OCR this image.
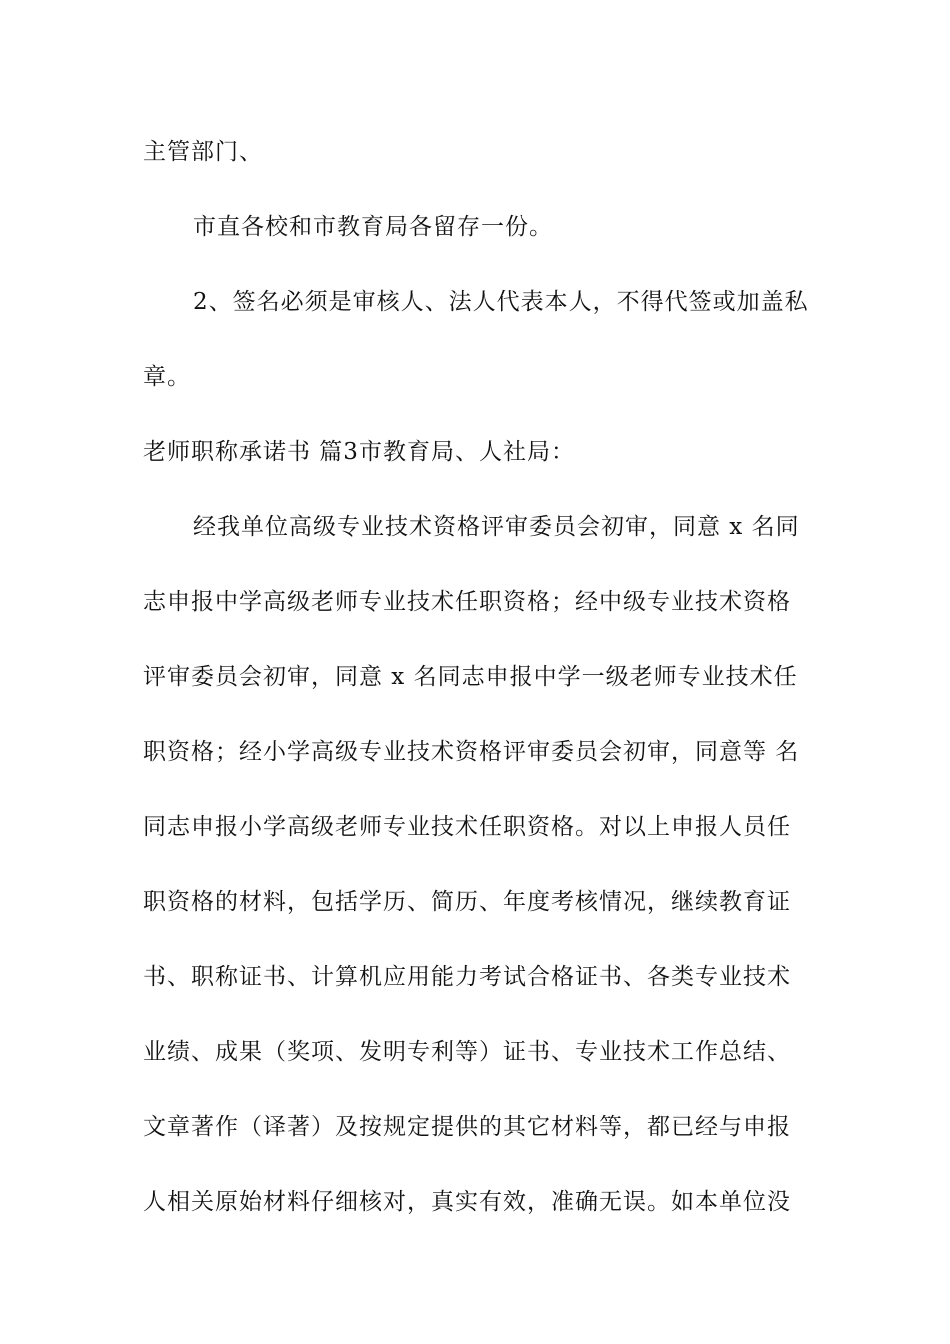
主管部门、
市直各校和市教育局各留存一份。
2、签名必须是审核人、法人代表本人，不得代签或加盖私
章。
老师职称承诺书 篇3市教育局、人社局：
经我单位高级专业技术资格评审委员会初审，同意 x 名同
志申报中学高级老师专业技术任职资格；经中级专业技术资格
评审委员会初审，同意 x 名同志申报中学一级老师专业技术任
职资格；经小学高级专业技术资格评审委员会初审，同意等 名
同志申报小学高级老师专业技术任职资格。对以上申报人员任
职资格的材料，包括学历、简历、年度考核情况，继续教育证
书、职称证书、计算机应用能力考试合格证书、各类专业技术
业绩、成果（奖项、发明专利等）证书、专业技术工作总结、
文章著作（译著）及按规定提供的其它材料等，都已经与申报
人相关原始材料仔细核对，真实有效，准确无误。如本单位没
